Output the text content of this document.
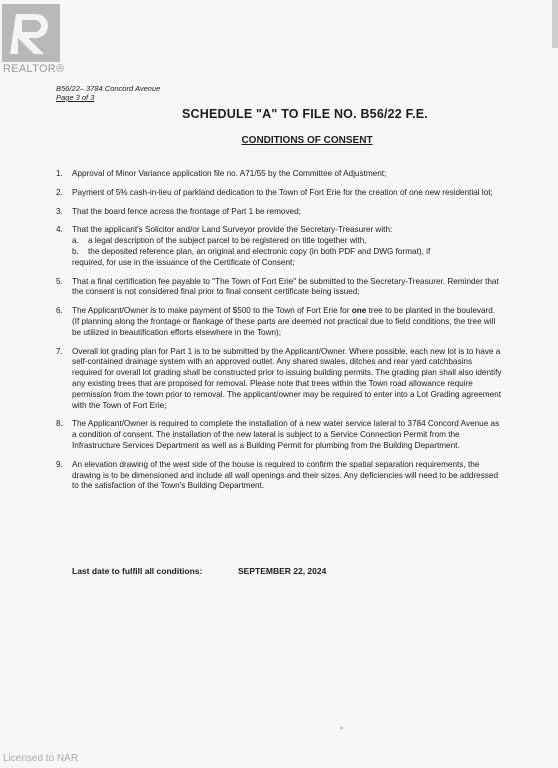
REALTOR®
B56/22– 3784 Concord Avenue
Page 3 of 3
SCHEDULE "A" TO FILE NO. B56/22 F.E.
CONDITIONS OF CONSENT
1. Approval of Minor Variance application file no. A71/55 by the Committee of Adjustment;
2. Payment of 5% cash-in-lieu of parkland dedication to the Town of Fort Erie for the creation of one new residential lot;
3. That the board fence across the frontage of Part 1 be removed;
4. That the applicant's Solicitor and/or Land Surveyor provide the Secretary-Treasurer with:
a. a legal description of the subject parcel to be registered on title together with,
b. the deposited reference plan, an original and electronic copy (in both PDF and DWG format), if
required, for use in the issuance of the Certificate of Consent;
5. That a final certification fee payable to "The Town of Fort Erie" be submitted to the Secretary-Treasurer. Reminder that the consent is not considered final prior to final consent certificate being issued;
6. The Applicant/Owner is to make payment of $500 to the Town of Fort Erie for one tree to be planted in the boulevard. (If planning along the frontage or flankage of these parts are deemed not practical due to field conditions, the tree will be utilized in beautification efforts elsewhere in the Town);
7. Overall lot grading plan for Part 1 is to be submitted by the Applicant/Owner. Where possible, each new lot is to have a self-contained drainage system with an approved outlet. Any shared swales, ditches and rear yard catchbasins required for overall lot grading shall be constructed prior to issuing building permits. The grading plan shall also identify any existing trees that are proposed for removal. Please note that trees within the Town road allowance require permission from the town prior to removal. The applicant/owner may be required to enter into a Lot Grading agreement with the Town of Fort Erie;
8. The Applicant/Owner is required to complete the installation of a new water service lateral to 3784 Concord Avenue as a condition of consent. The installation of the new lateral is subject to a Service Connection Permit from the Infrastructure Services Department as well as a Building Permit for plumbing from the Building Department.
9. An elevation drawing of the west side of the house is required to confirm the spatial separation requirements, the drawing is to be dimensioned and include all wall openings and their sizes. Any deficiencies will need to be addressed to the satisfaction of the Town's Building Department.
Last date to fulfill all conditions:	SEPTEMBER 22, 2024
Licensed to NAR
